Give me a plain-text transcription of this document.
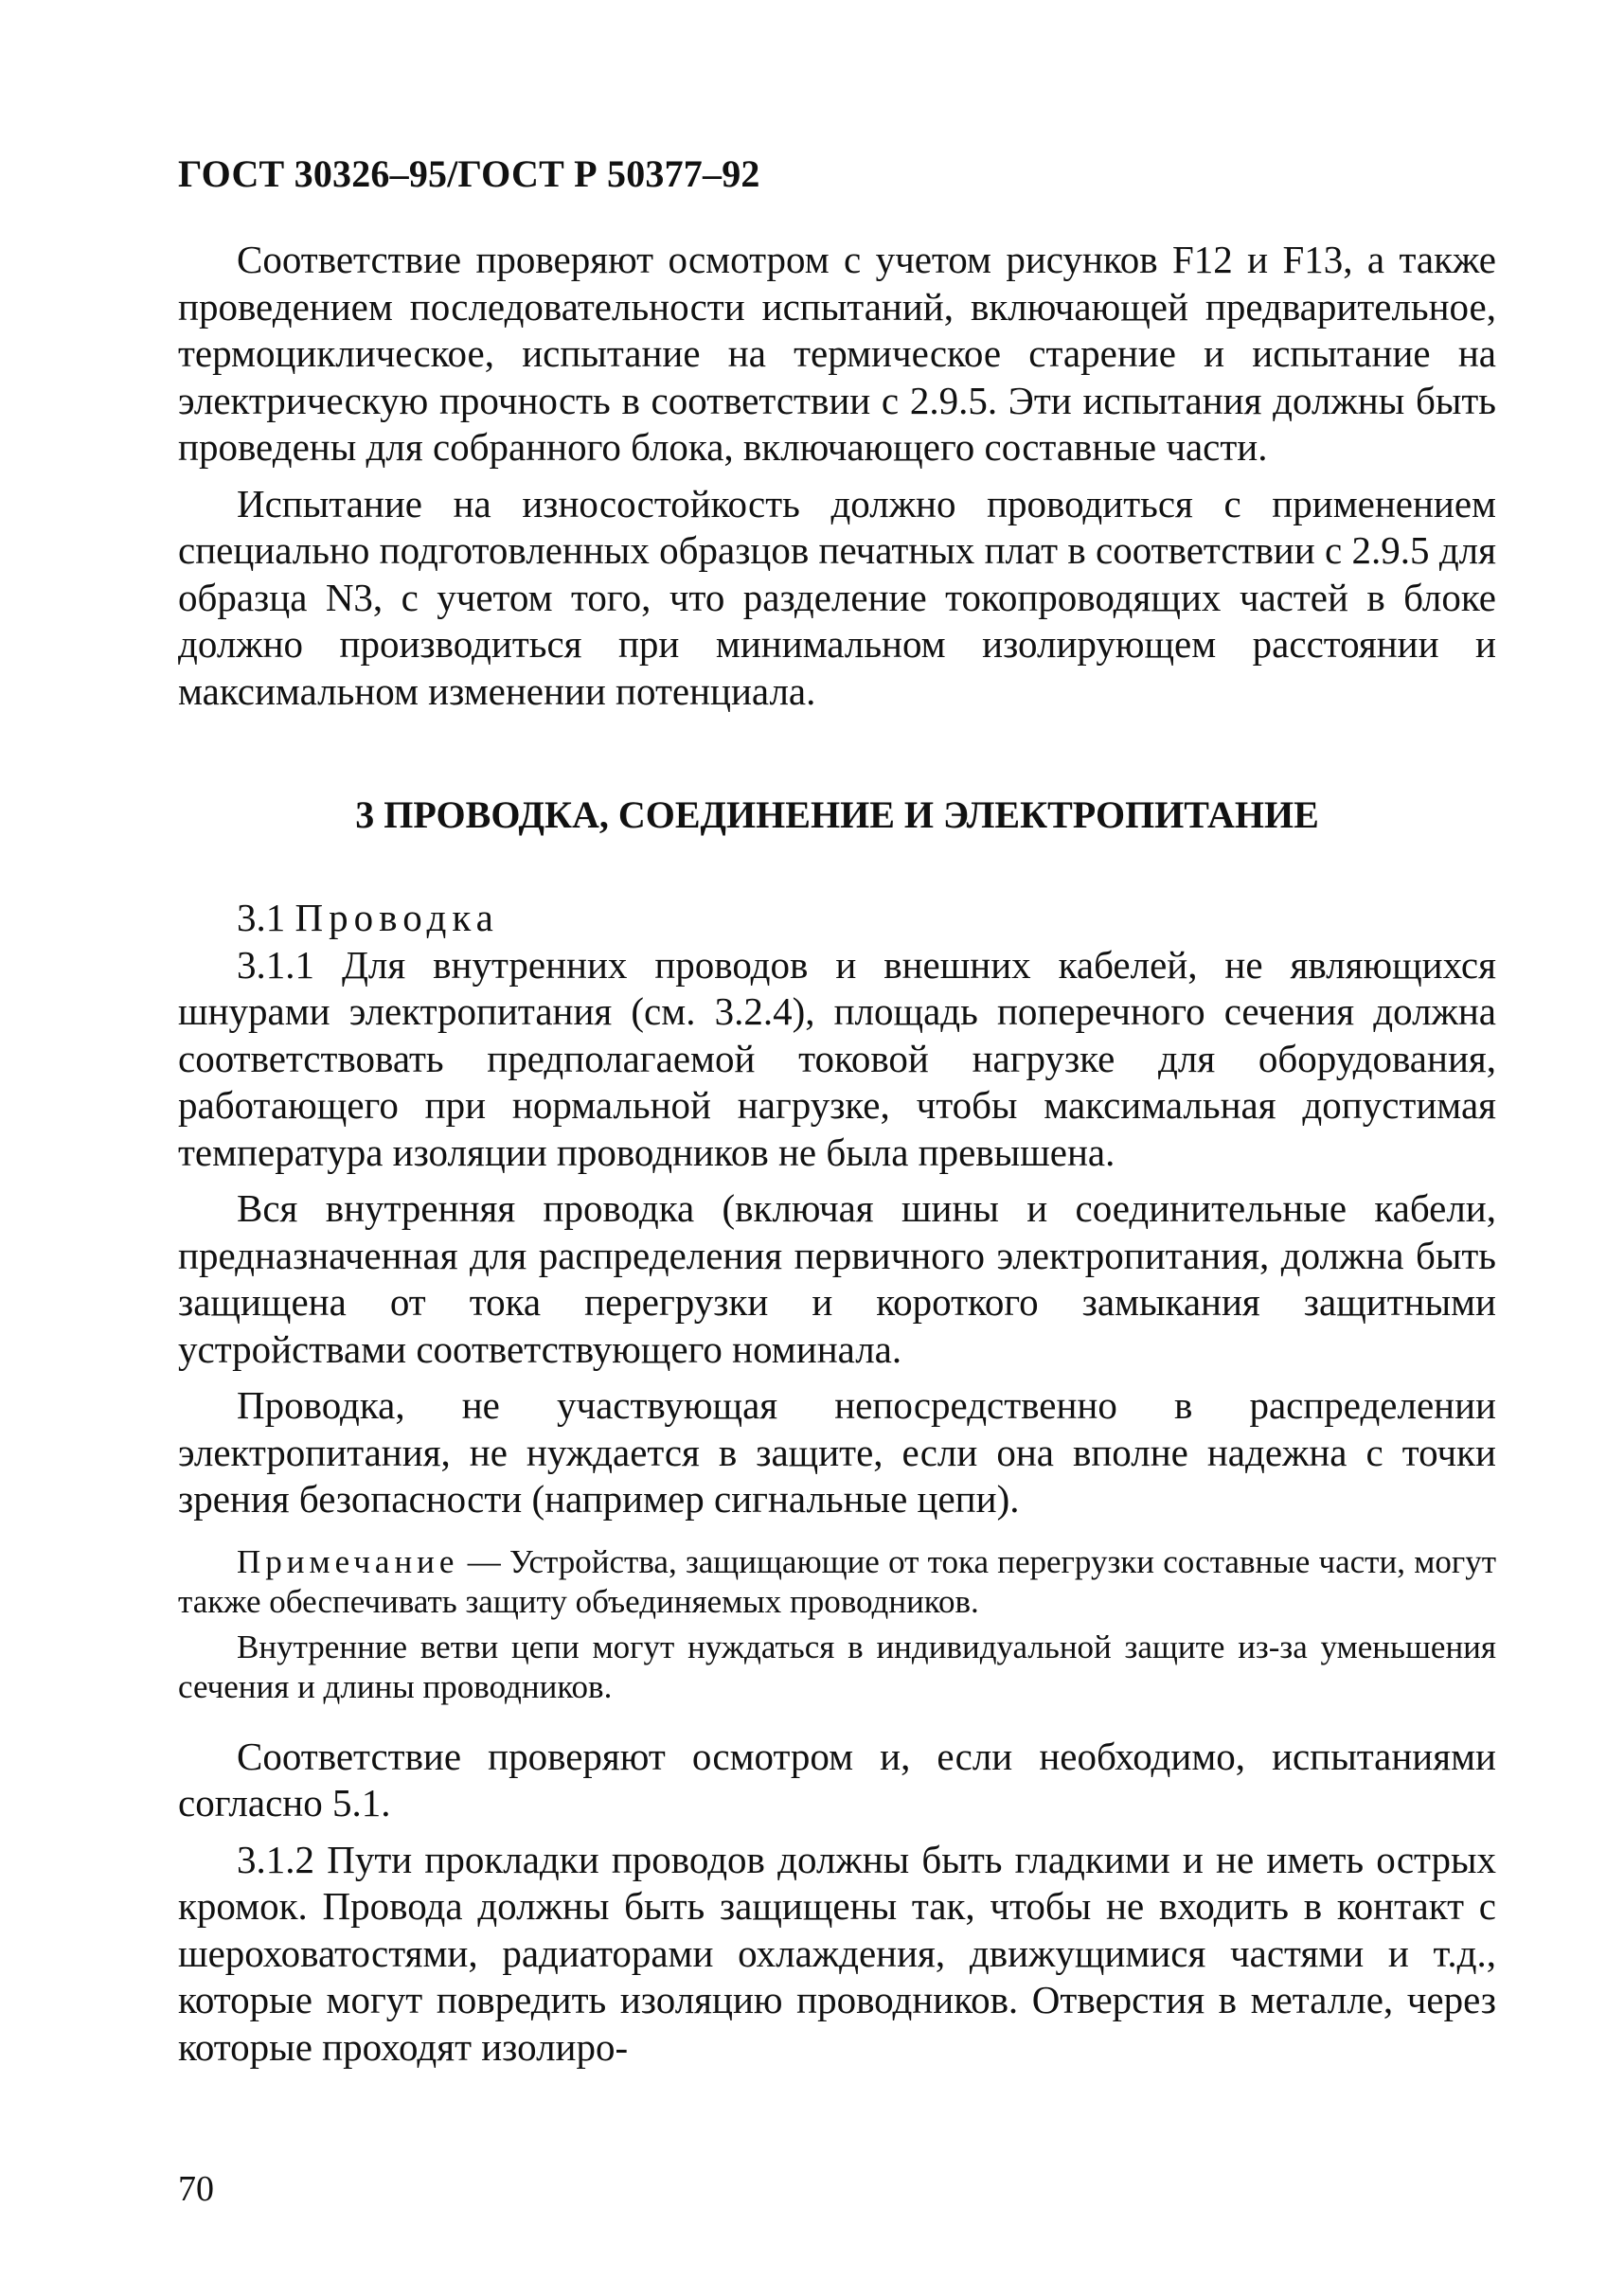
ГОСТ 30326–95/ГОСТ Р 50377–92

Соответствие проверяют осмотром с учетом рисунков F12 и F13, а также проведением последовательности испытаний, включающей предварительное, термоциклическое, испытание на термическое старение и испытание на электрическую прочность в соответствии с 2.9.5. Эти испытания должны быть проведены для собранного блока, включающего составные части.

Испытание на износостойкость должно проводиться с применением специально подготовленных образцов печатных плат в соответствии с 2.9.5 для образца N3, с учетом того, что разделение токопроводящих частей в блоке должно производиться при минимальном изолирующем расстоянии и максимальном изменении потенциала.

3 ПРОВОДКА, СОЕДИНЕНИЕ И ЭЛЕКТРОПИТАНИЕ

3.1 Проводка

3.1.1 Для внутренних проводов и внешних кабелей, не являющихся шнурами электропитания (см. 3.2.4), площадь поперечного сечения должна соответствовать предполагаемой токовой нагрузке для оборудования, работающего при нормальной нагрузке, чтобы максимальная допустимая температура изоляции проводников не была превышена.

Вся внутренняя проводка (включая шины и соединительные кабели, предназначенная для распределения первичного электропитания, должна быть защищена от тока перегрузки и короткого замыкания защитными устройствами соответствующего номинала.

Проводка, не участвующая непосредственно в распределении электропитания, не нуждается в защите, если она вполне надежна с точки зрения безопасности (например сигнальные цепи).

Примечание — Устройства, защищающие от тока перегрузки составные части, могут также обеспечивать защиту объединяемых проводников.

Внутренние ветви цепи могут нуждаться в индивидуальной защите из-за уменьшения сечения и длины проводников.

Соответствие проверяют осмотром и, если необходимо, испытаниями согласно 5.1.

3.1.2 Пути прокладки проводов должны быть гладкими и не иметь острых кромок. Провода должны быть защищены так, чтобы не входить в контакт с шероховатостями, радиаторами охлаждения, движущимися частями и т.д., которые могут повредить изоляцию проводников. Отверстия в металле, через которые проходят изолиро-

70
